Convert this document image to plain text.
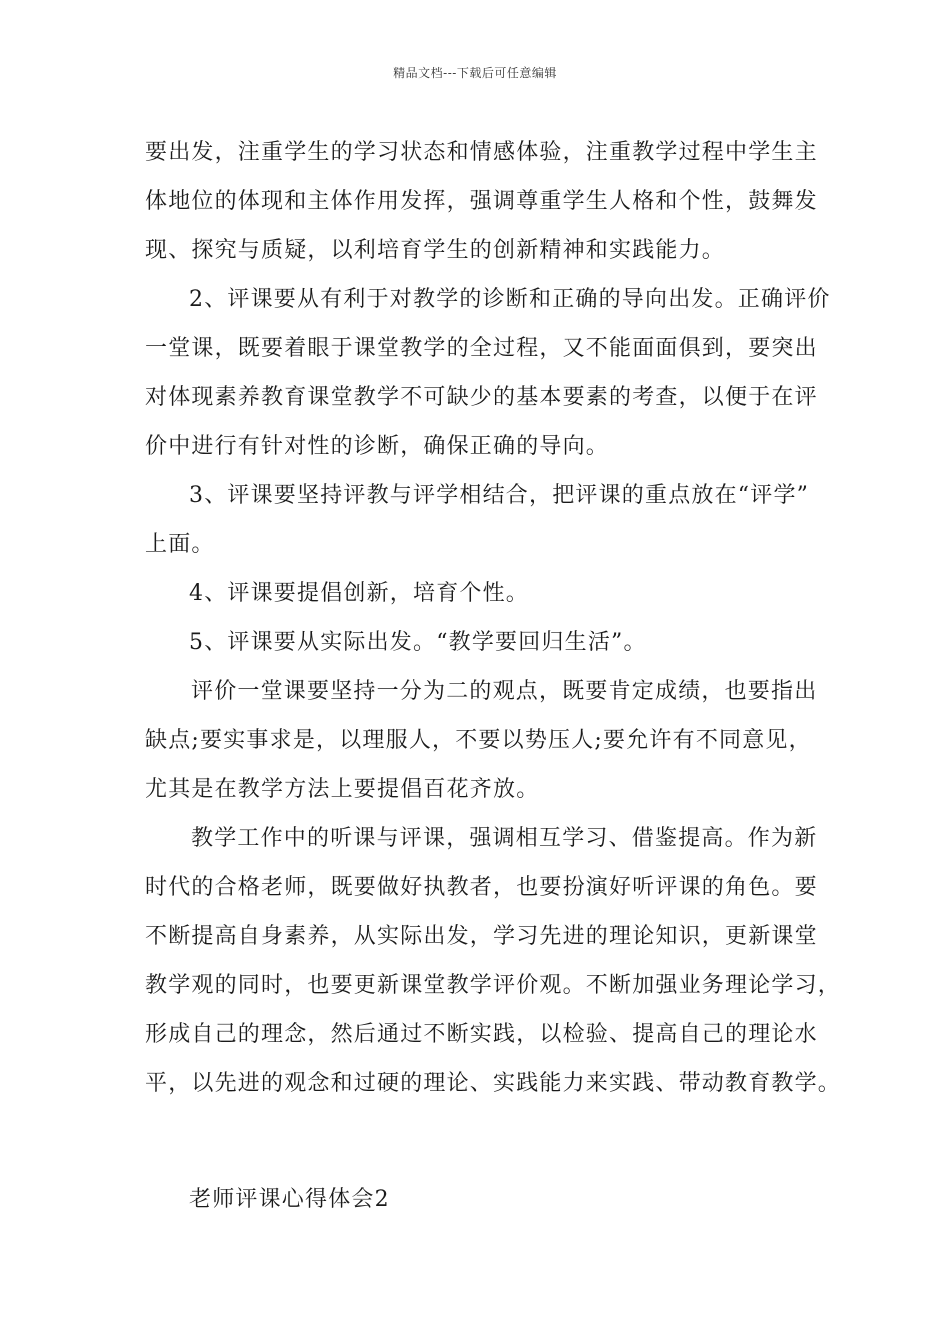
精品文档---下载后可任意编辑

要出发，注重学生的学习状态和情感体验，注重教学过程中学生主
体地位的体现和主体作用发挥，强调尊重学生人格和个性，鼓舞发
现、探究与质疑，以利培育学生的创新精神和实践能力。

2、评课要从有利于对教学的诊断和正确的导向出发。正确评价
一堂课，既要着眼于课堂教学的全过程，又不能面面俱到，要突出
对体现素养教育课堂教学不可缺少的基本要素的考查，以便于在评
价中进行有针对性的诊断，确保正确的导向。

3、评课要坚持评教与评学相结合，把评课的重点放在“评学”
上面。

4、评课要提倡创新，培育个性。

5、评课要从实际出发。“教学要回归生活”。

评价一堂课要坚持一分为二的观点，既要肯定成绩，也要指出
缺点;要实事求是，以理服人，不要以势压人;要允许有不同意见，
尤其是在教学方法上要提倡百花齐放。

教学工作中的听课与评课，强调相互学习、借鉴提高。作为新
时代的合格老师，既要做好执教者，也要扮演好听评课的角色。要
不断提高自身素养，从实际出发，学习先进的理论知识，更新课堂
教学观的同时，也要更新课堂教学评价观。不断加强业务理论学习，
形成自己的理念，然后通过不断实践，以检验、提高自己的理论水
平，以先进的观念和过硬的理论、实践能力来实践、带动教育教学。

老师评课心得体会2
